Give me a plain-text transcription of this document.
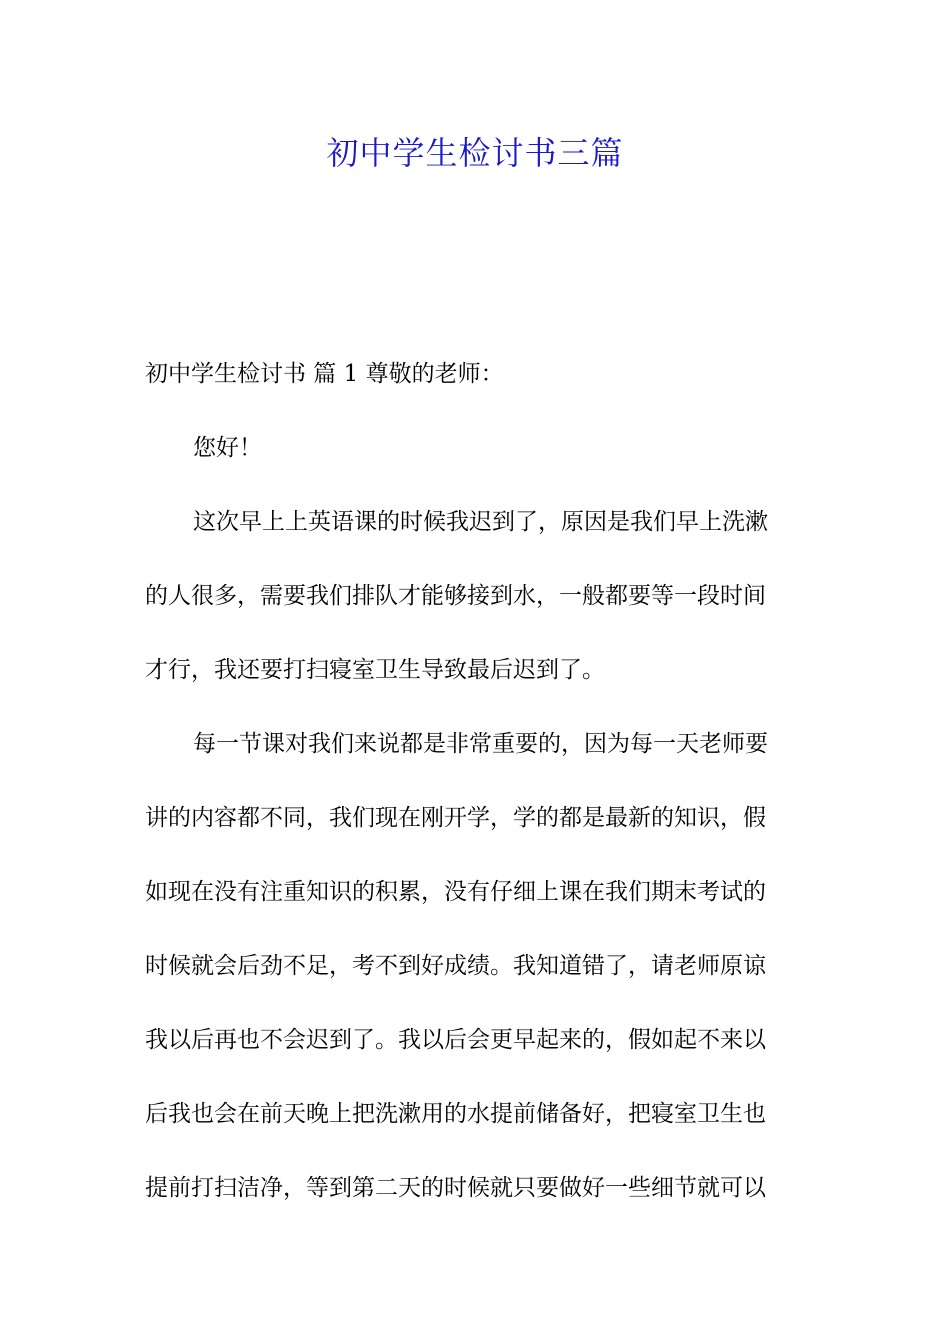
初中学生检讨书三篇
初中学生检讨书 篇 1 尊敬的老师：
您好！
这次早上上英语课的时候我迟到了，原因是我们早上洗漱
的人很多，需要我们排队才能够接到水，一般都要等一段时间
才行，我还要打扫寝室卫生导致最后迟到了。
每一节课对我们来说都是非常重要的，因为每一天老师要
讲的内容都不同，我们现在刚开学，学的都是最新的知识，假
如现在没有注重知识的积累，没有仔细上课在我们期末考试的
时候就会后劲不足，考不到好成绩。我知道错了，请老师原谅
我以后再也不会迟到了。我以后会更早起来的，假如起不来以
后我也会在前天晚上把洗漱用的水提前储备好，把寝室卫生也
提前打扫洁净，等到第二天的时候就只要做好一些细节就可以
